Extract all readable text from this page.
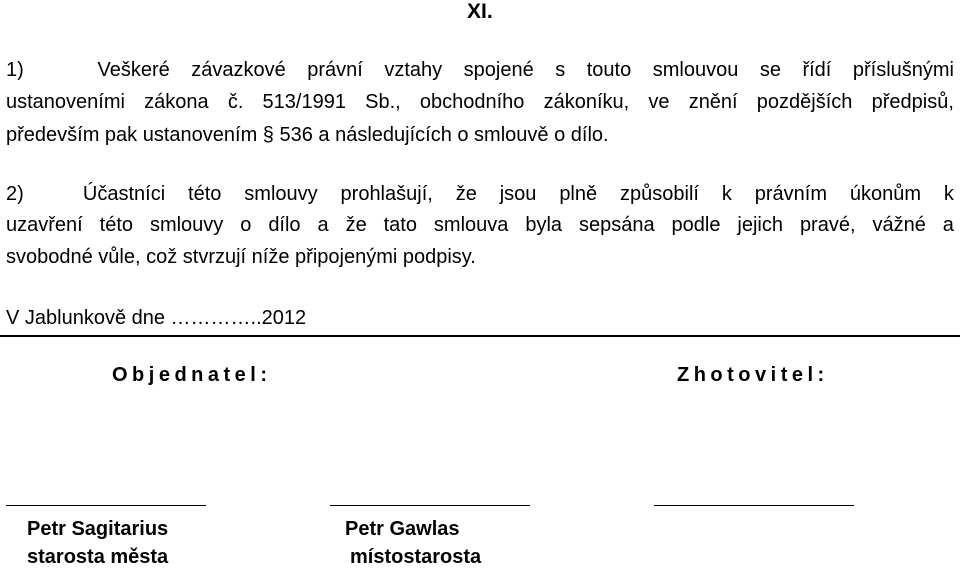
XI.
1)	Veškeré závazkové právní vztahy spojené s touto smlouvou se řídí příslušnými
ustanoveními zákona č. 513/1991 Sb., obchodního zákoníku, ve znění pozdějších předpisů,
především pak ustanovením § 536 a následujících o smlouvě o dílo.
2)	Účastníci této smlouvy prohlašují, že jsou plně způsobilí k právním úkonům k
uzavření této smlouvy o dílo a že tato smlouva byla sepsána podle jejich pravé, vážné a
svobodné vůle, což stvrzují níže připojenými podpisy.
V Jablunkově dne …………..2012
Objednatel:	Zhotovitel:
Petr Sagitarius
starosta města
Petr Gawlas
místostarosta
